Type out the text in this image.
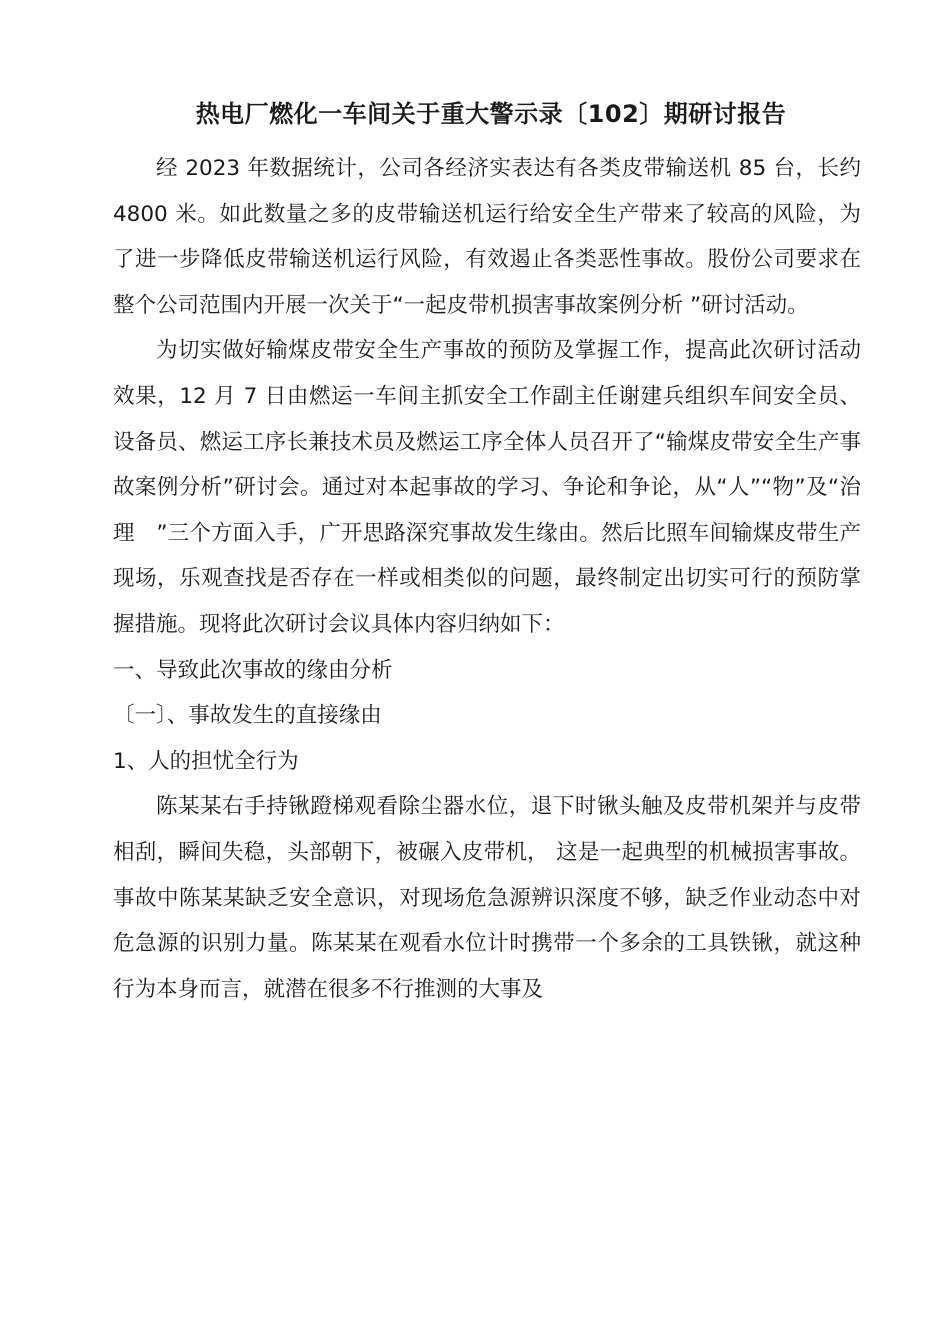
热电厂燃化一车间关于重大警示录〔102〕期研讨报告

经 2023 年数据统计，公司各经济实表达有各类皮带输送机 85 台，长约 4800 米。如此数量之多的皮带输送机运行给安全生产带来了较高的风险，为了进一步降低皮带输送机运行风险，有效遏止各类恶性事故。股份公司要求在整个公司范围内开展一次关于“一起皮带机损害事故案例分析 ”研讨活动。

为切实做好输煤皮带安全生产事故的预防及掌握工作，提高此次研讨活动效果，12 月 7 日由燃运一车间主抓安全工作副主任谢建兵组织车间安全员、设备员、燃运工序长兼技术员及燃运工序全体人员召开了“输煤皮带安全生产事故案例分析”研讨会。通过对本起事故的学习、争论和争论，从“人”“物”及“治理　”三个方面入手，广开思路深究事故发生缘由。然后比照车间输煤皮带生产现场，乐观查找是否存在一样或相类似的问题，最终制定出切实可行的预防掌握措施。现将此次研讨会议具体内容归纳如下：

一、导致此次事故的缘由分析

〔一〕、事故发生的直接缘由

1、人的担忧全行为

陈某某右手持锹蹬梯观看除尘器水位，退下时锹头触及皮带机架并与皮带相刮，瞬间失稳，头部朝下，被碾入皮带机， 这是一起典型的机械损害事故。事故中陈某某缺乏安全意识，对现场危急源辨识深度不够，缺乏作业动态中对危急源的识别力量。陈某某在观看水位计时携带一个多余的工具铁锹，就这种行为本身而言，就潜在很多不行推测的大事及
